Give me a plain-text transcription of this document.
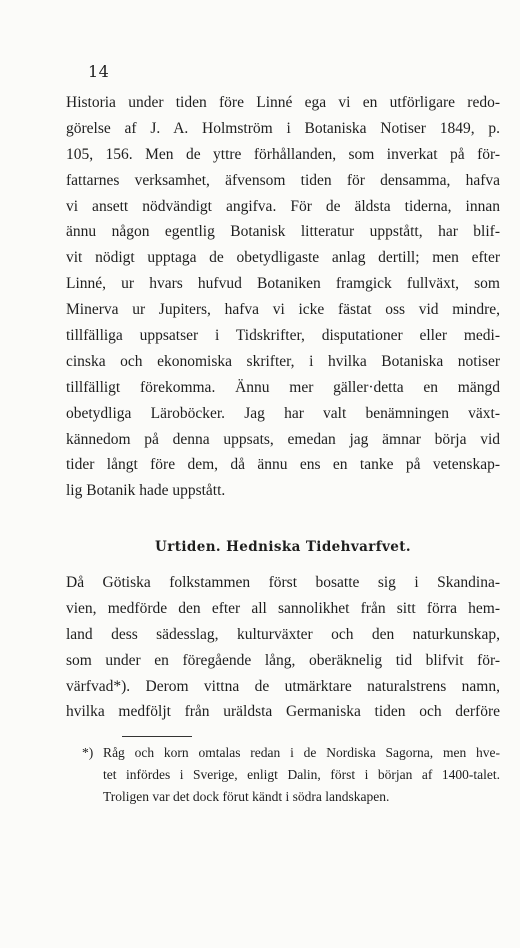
14
Historia under tiden före Linné ega vi en utförligare redo-
görelse af J. A. Holmström i Botaniska Notiser 1849, p.
105, 156. Men de yttre förhållanden, som inverkat på för-
fattarnes verksamhet, äfvensom tiden för densamma, hafva
vi ansett nödvändigt angifva. För de äldsta tiderna, innan
ännu någon egentlig Botanisk litteratur uppstått, har blif-
vit nödigt upptaga de obetydligaste anlag dertill; men efter
Linné, ur hvars hufvud Botaniken framgick fullväxt, som
Minerva ur Jupiters, hafva vi icke fästat oss vid mindre,
tillfälliga uppsatser i Tidskrifter, disputationer eller medi-
cinska och ekonomiska skrifter, i hvilka Botaniska notiser
tillfälligt förekomma. Ännu mer gäller·detta en mängd
obetydliga Läroböcker. Jag har valt benämningen växt-
kännedom på denna uppsats, emedan jag ämnar börja vid
tider långt före dem, då ännu ens en tanke på vetenskap-
lig Botanik hade uppstått.
Urtiden. Hedniska Tidehvarfvet.
Då Götiska folkstammen först bosatte sig i Skandina-
vien, medförde den efter all sannolikhet från sitt förra hem-
land dess sädesslag, kulturväxter och den naturkunskap,
som under en föregående lång, oberäknelig tid blifvit för-
värfvad*). Derom vittna de utmärktare naturalstrens namn,
hvilka medföljt från uräldsta Germaniska tiden och derföre
*) Råg och korn omtalas redan i de Nordiska Sagorna, men hve-
tet infördes i Sverige, enligt Dalin, först i början af 1400-talet.
Troligen var det dock förut kändt i södra landskapen.
